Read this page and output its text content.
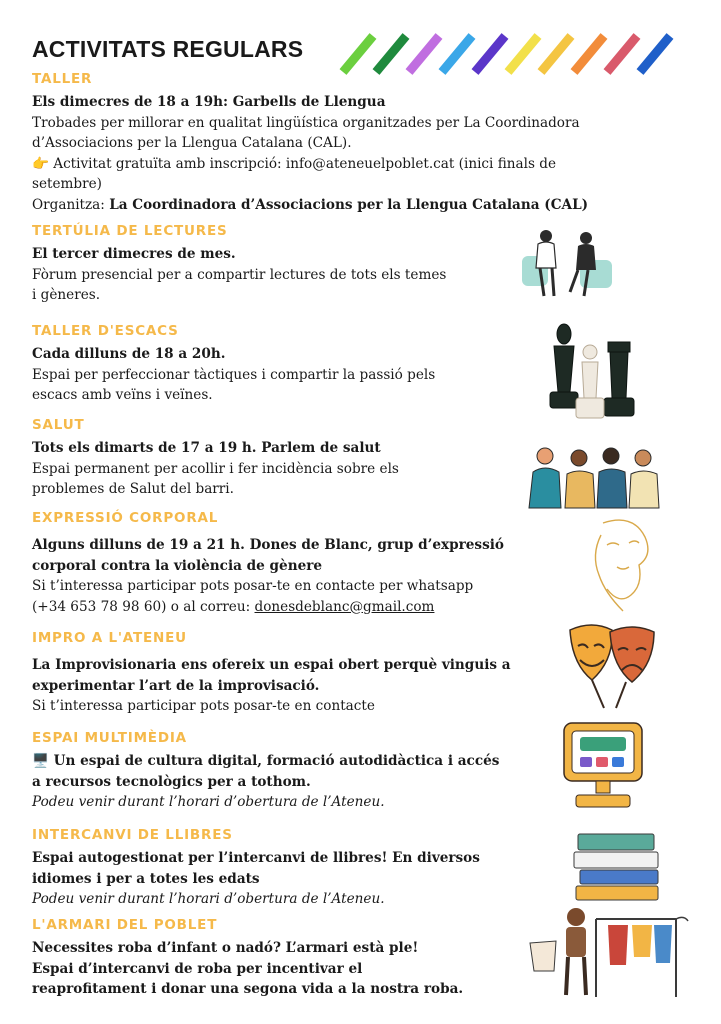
ACTIVITATS REGULARS
TALLER
Els dimecres de 18 a 19h: Garbells de Llengua
Trobades per millorar en qualitat lingüística organitzades per La Coordinadora
d’Associacions per la Llengua Catalana (CAL).
👉 Activitat gratuïta amb inscripció: info@ateneuelpoblet.cat (inici finals de
setembre)
Organitza: La Coordinadora d’Associacions per la Llengua Catalana (CAL)
TERTÚLIA DE LECTURES
El tercer dimecres de mes.
Fòrum presencial per a compartir lectures de tots els temes
i gèneres.
TALLER D'ESCACS
Cada dilluns de 18 a 20h.
Espai per perfeccionar tàctiques i compartir la passió pels
escacs amb veïns i veïnes.
SALUT
Tots els dimarts de 17 a 19 h. Parlem de salut
Espai permanent per acollir i fer incidència sobre els
problemes de Salut del barri.
EXPRESSIÓ CORPORAL
Alguns dilluns de 19 a 21 h. Dones de Blanc, grup d’expressió
corporal contra la violència de gènere
Si t’interessa participar pots posar-te en contacte per whatsapp
(+34 653 78 98 60) o al correu: donesdeblanc@gmail.com
IMPRO A L'ATENEU
La Improvisionaria ens ofereix un espai obert perquè vinguis a
experimentar l’art de la improvisació.
Si t’interessa participar pots posar-te en contacte
ESPAI MULTIMÈDIA
🖥️ Un espai de cultura digital, formació autodidàctica i accés
a recursos tecnològics per a tothom.
Podeu venir durant l’horari d’obertura de l’Ateneu.
INTERCANVI DE LLIBRES
Espai autogestionat per l’intercanvi de llibres! En diversos
idiomes i per a totes les edats
Podeu venir durant l’horari d’obertura de l’Ateneu.
L'ARMARI DEL POBLET
Necessites roba d’infant o nadó? L’armari està ple!
Espai d’intercanvi de roba per incentivar el
reaprofitament i donar una segona vida a la nostra roba.
